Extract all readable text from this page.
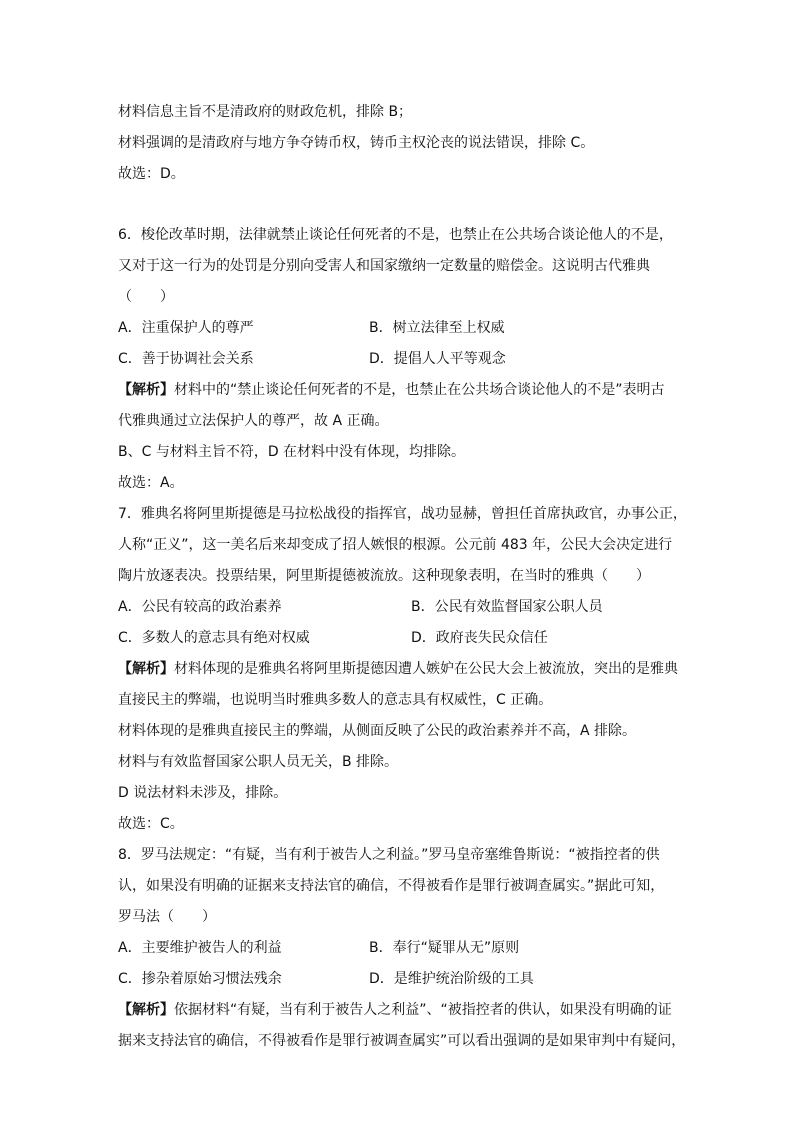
材料信息主旨不是清政府的财政危机，排除 B；
材料强调的是清政府与地方争夺铸币权，铸币主权沦丧的说法错误，排除 C。
故选：D。
6．梭伦改革时期，法律就禁止谈论任何死者的不是，也禁止在公共场合谈论他人的不是，
又对于这一行为的处罚是分别向受害人和国家缴纳一定数量的赔偿金。这说明古代雅典
（　　）
A．注重保护人的尊严	B．树立法律至上权威
C．善于协调社会关系	D．提倡人人平等观念
【解析】材料中的“禁止谈论任何死者的不是，也禁止在公共场合谈论他人的不是”表明古
代雅典通过立法保护人的尊严，故 A 正确。
B、C 与材料主旨不符，D 在材料中没有体现，均排除。
故选：A。
7．雅典名将阿里斯提德是马拉松战役的指挥官，战功显赫，曾担任首席执政官，办事公正，
人称“正义”，这一美名后来却变成了招人嫉恨的根源。公元前 483 年，公民大会决定进行
陶片放逐表决。投票结果，阿里斯提德被流放。这种现象表明，在当时的雅典（　　）
A．公民有较高的政治素养	B．公民有效监督国家公职人员
C．多数人的意志具有绝对权威	D．政府丧失民众信任
【解析】材料体现的是雅典名将阿里斯提德因遭人嫉妒在公民大会上被流放，突出的是雅典
直接民主的弊端，也说明当时雅典多数人的意志具有权威性，C 正确。
材料体现的是雅典直接民主的弊端，从侧面反映了公民的政治素养并不高，A 排除。
材料与有效监督国家公职人员无关，B 排除。
D 说法材料未涉及，排除。
故选：C。
8．罗马法规定：“有疑，当有利于被告人之利益。”罗马皇帝塞维鲁斯说：“被指控者的供
认，如果没有明确的证据来支持法官的确信，不得被看作是罪行被调查属实。”据此可知，
罗马法（　　）
A．主要维护被告人的利益	B．奉行“疑罪从无”原则
C．掺杂着原始习惯法残余	D．是维护统治阶级的工具
【解析】依据材料“有疑，当有利于被告人之利益”、“被指控者的供认，如果没有明确的证
据来支持法官的确信，不得被看作是罪行被调查属实”可以看出强调的是如果审判中有疑问，
